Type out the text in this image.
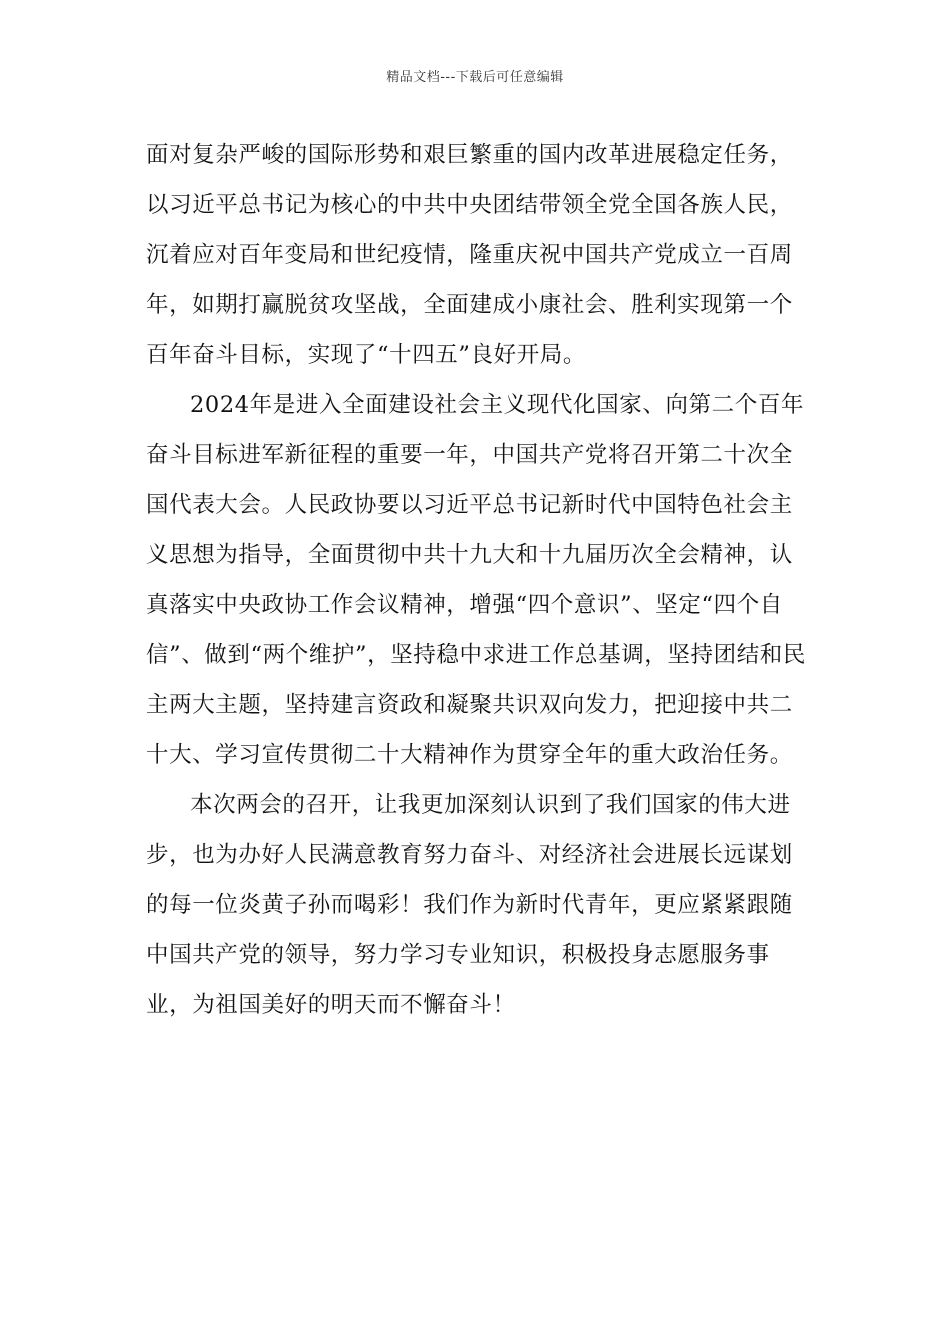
精品文档---下载后可任意编辑

面对复杂严峻的国际形势和艰巨繁重的国内改革进展稳定任务，以习近平总书记为核心的中共中央团结带领全党全国各族人民，沉着应对百年变局和世纪疫情，隆重庆祝中国共产党成立一百周年，如期打赢脱贫攻坚战，全面建成小康社会、胜利实现第一个百年奋斗目标，实现了“十四五”良好开局。

2024年是进入全面建设社会主义现代化国家、向第二个百年奋斗目标进军新征程的重要一年，中国共产党将召开第二十次全国代表大会。人民政协要以习近平总书记新时代中国特色社会主义思想为指导，全面贯彻中共十九大和十九届历次全会精神，认真落实中央政协工作会议精神，增强“四个意识”、坚定“四个自信”、做到“两个维护”，坚持稳中求进工作总基调，坚持团结和民主两大主题，坚持建言资政和凝聚共识双向发力，把迎接中共二十大、学习宣传贯彻二十大精神作为贯穿全年的重大政治任务。

本次两会的召开，让我更加深刻认识到了我们国家的伟大进步，也为办好人民满意教育努力奋斗、对经济社会进展长远谋划的每一位炎黄子孙而喝彩！我们作为新时代青年，更应紧紧跟随中国共产党的领导，努力学习专业知识，积极投身志愿服务事业，为祖国美好的明天而不懈奋斗！
